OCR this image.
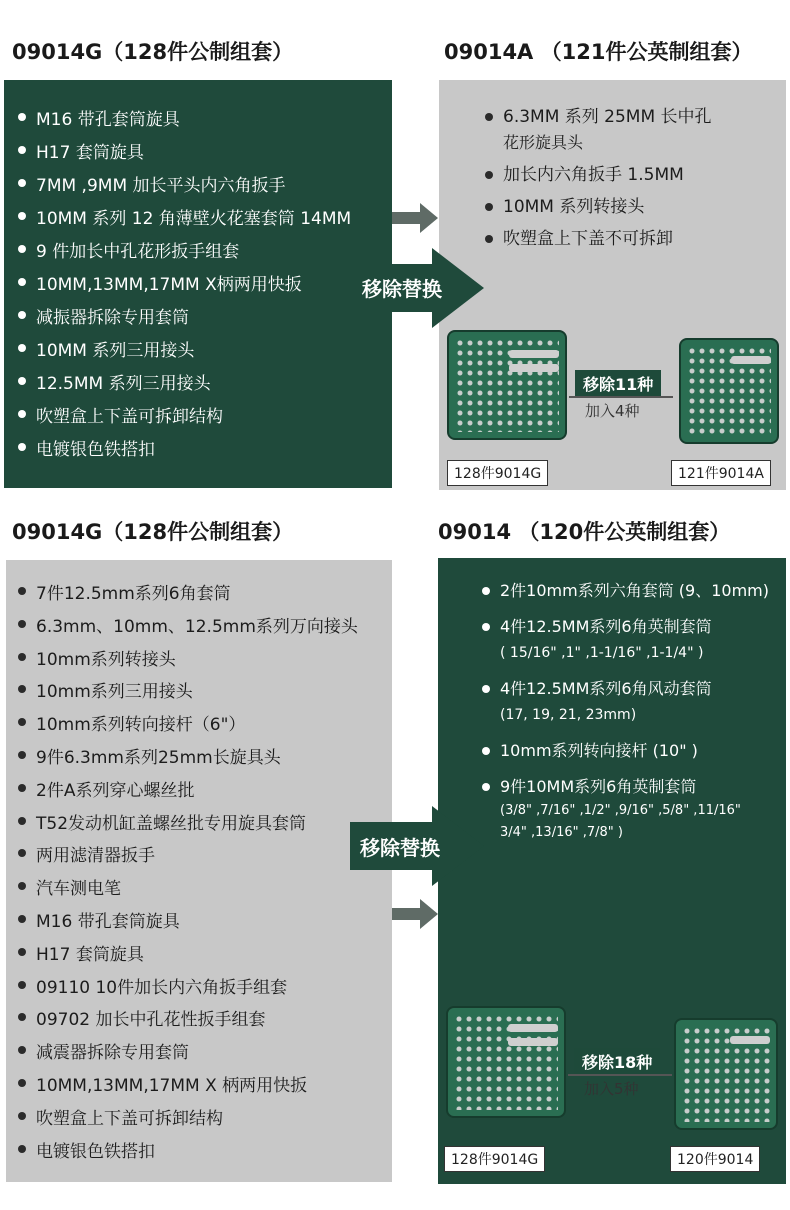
09014G（128件公制组套）	09014A （121件公英制组套）
M16 带孔套筒旋具
H17 套筒旋具
7MM ,9MM 加长平头内六角扳手
10MM 系列 12 角薄壁火花塞套筒 14MM
9 件加长中孔花形扳手组套
10MM,13MM,17MM X柄两用快扳
减振器拆除专用套筒
10MM 系列三用接头
12.5MM 系列三用接头
吹塑盒上下盖可拆卸结构
电镀银色铁搭扣
6.3MM 系列 25MM 长中孔
花形旋具头
加长内六角扳手 1.5MM
10MM 系列转接头
吹塑盒上下盖不可拆卸
128件9014G	121件9014A
移除11种
加入4种
移除替换
09014G（128件公制组套）	09014 （120件公英制组套）
7件12.5mm系列6角套筒
6.3mm、10mm、12.5mm系列万向接头
10mm系列转接头
10mm系列三用接头
10mm系列转向接杆（6"）
9件6.3mm系列25mm长旋具头
2件A系列穿心螺丝批
T52发动机缸盖螺丝批专用旋具套筒
两用滤清器扳手
汽车测电笔
M16 带孔套筒旋具
H17 套筒旋具
09110 10件加长内六角扳手组套
09702 加长中孔花性扳手组套
减震器拆除专用套筒
10MM,13MM,17MM X 柄两用快扳
吹塑盒上下盖可拆卸结构
电镀银色铁搭扣
2件10mm系列六角套筒 (9、10mm)
4件12.5MM系列6角英制套筒
( 15/16" ,1" ,1-1/16" ,1-1/4" )
4件12.5MM系列6角风动套筒
(17, 19, 21, 23mm)
10mm系列转向接杆 (10" )
9件10MM系列6角英制套筒
(3/8" ,7/16" ,1/2" ,9/16" ,5/8" ,11/16" 3/4" ,13/16" ,7/8" )
128件9014G	120件9014
移除18种
加入5种
移除替换
